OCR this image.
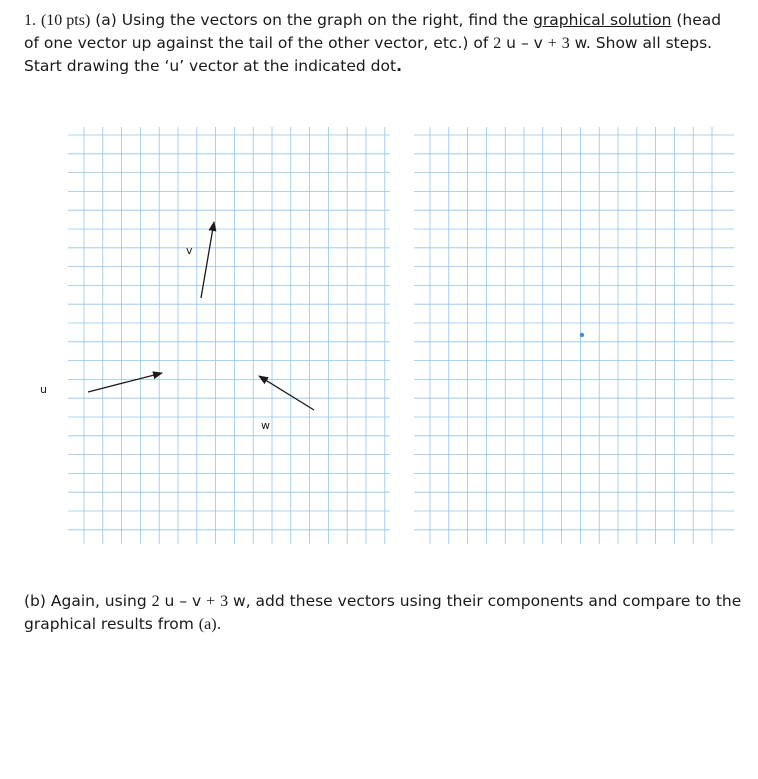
1. (10 pts) (a) Using the vectors on the graph on the right, find the graphical solution (head of one vector up against the tail of the other vector, etc.) of 2 u – v + 3 w. Show all steps. Start drawing the ‘u’ vector at the indicated dot.
u
v
w
(b) Again, using 2 u – v + 3 w, add these vectors using their components and compare to the graphical results from (a).
